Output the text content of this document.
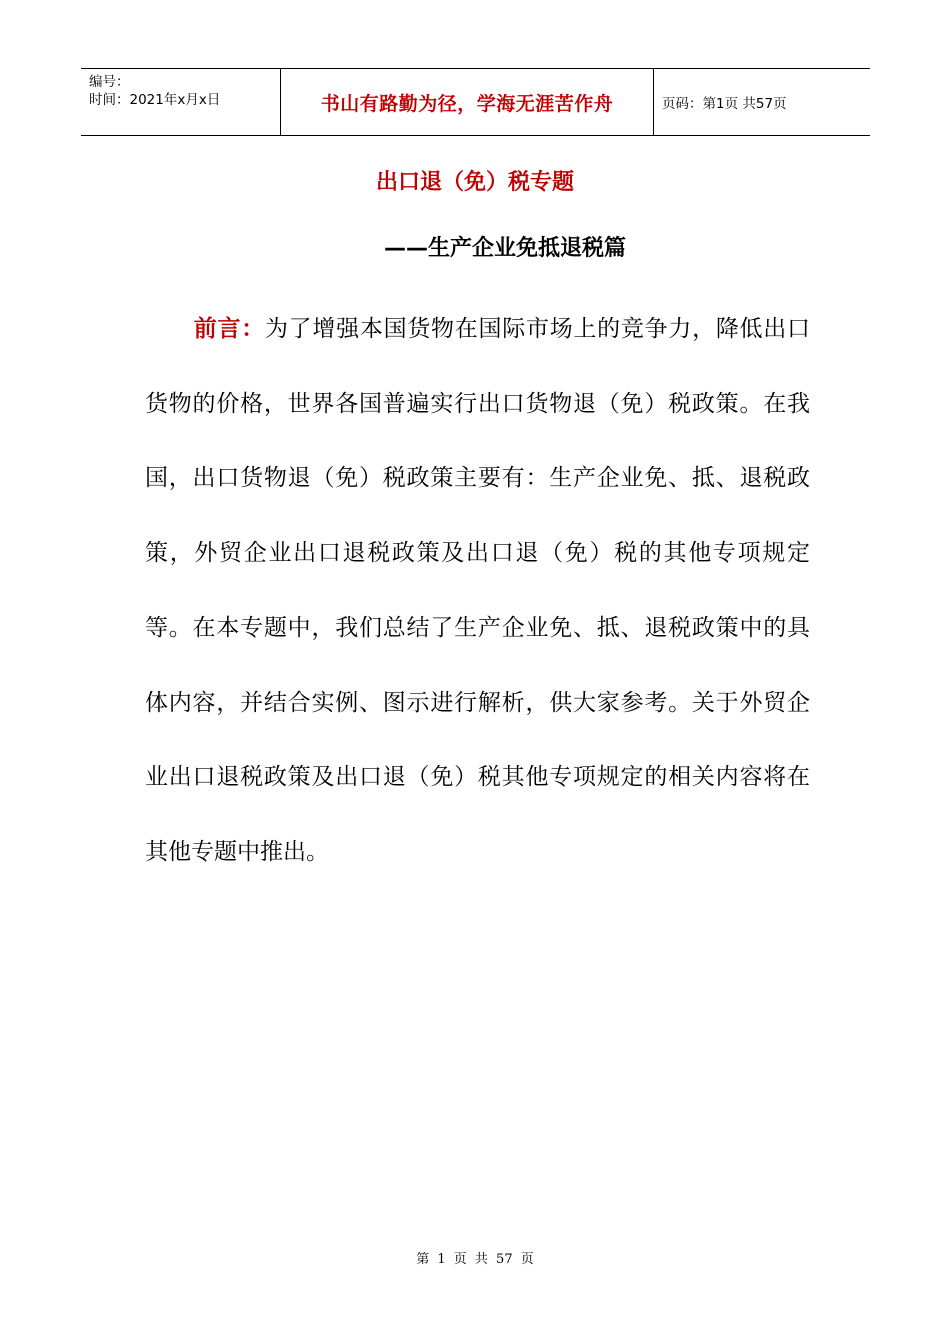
编号：
时间：2021年x月x日	书山有路勤为径，学海无涯苦作舟	页码：第1页 共57页
出口退（免）税专题
——生产企业免抵退税篇
前言：为了增强本国货物在国际市场上的竞争力，降低出口货物的价格，世界各国普遍实行出口货物退（免）税政策。在我国，出口货物退（免）税政策主要有：生产企业免、抵、退税政策，外贸企业出口退税政策及出口退（免）税的其他专项规定等。在本专题中，我们总结了生产企业免、抵、退税政策中的具体内容，并结合实例、图示进行解析，供大家参考。关于外贸企业出口退税政策及出口退（免）税其他专项规定的相关内容将在其他专题中推出。
第 1 页 共 57 页
